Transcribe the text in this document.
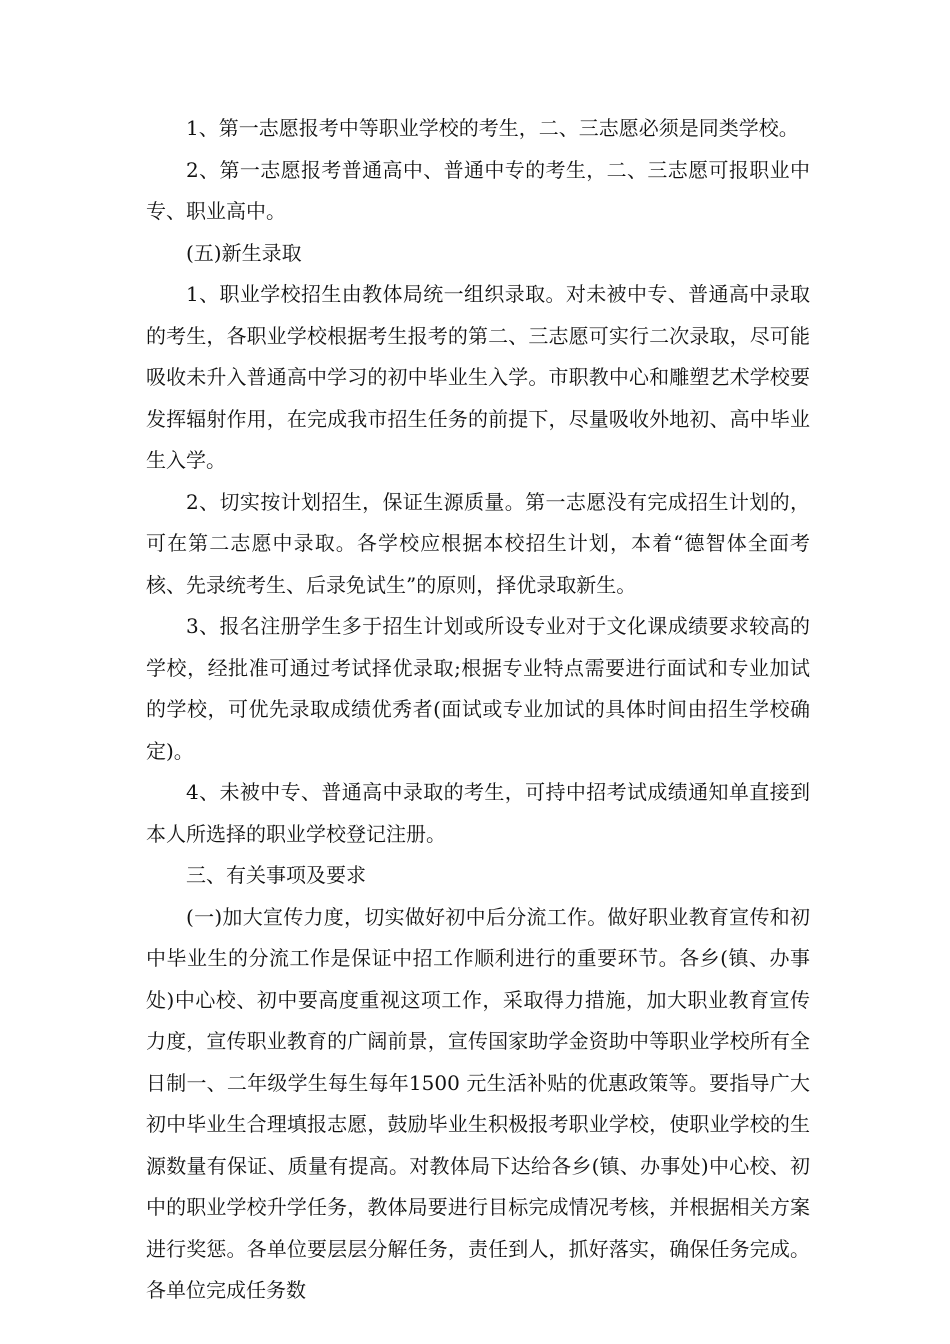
1、第一志愿报考中等职业学校的考生，二、三志愿必须是同类学校。

2、第一志愿报考普通高中、普通中专的考生，二、三志愿可报职业中专、职业高中。

(五)新生录取

1、职业学校招生由教体局统一组织录取。对未被中专、普通高中录取的考生，各职业学校根据考生报考的第二、三志愿可实行二次录取，尽可能吸收未升入普通高中学习的初中毕业生入学。市职教中心和雕塑艺术学校要发挥辐射作用，在完成我市招生任务的前提下，尽量吸收外地初、高中毕业生入学。

2、切实按计划招生，保证生源质量。第一志愿没有完成招生计划的，可在第二志愿中录取。各学校应根据本校招生计划，本着“德智体全面考核、先录统考生、后录免试生”的原则，择优录取新生。

3、报名注册学生多于招生计划或所设专业对于文化课成绩要求较高的学校，经批准可通过考试择优录取;根据专业特点需要进行面试和专业加试的学校，可优先录取成绩优秀者(面试或专业加试的具体时间由招生学校确定)。

4、未被中专、普通高中录取的考生，可持中招考试成绩通知单直接到本人所选择的职业学校登记注册。

三、有关事项及要求

(一)加大宣传力度，切实做好初中后分流工作。做好职业教育宣传和初中毕业生的分流工作是保证中招工作顺利进行的重要环节。各乡(镇、办事处)中心校、初中要高度重视这项工作，采取得力措施，加大职业教育宣传力度，宣传职业教育的广阔前景，宣传国家助学金资助中等职业学校所有全日制一、二年级学生每生每年1500 元生活补贴的优惠政策等。要指导广大初中毕业生合理填报志愿，鼓励毕业生积极报考职业学校，使职业学校的生源数量有保证、质量有提高。对教体局下达给各乡(镇、办事处)中心校、初中的职业学校升学任务，教体局要进行目标完成情况考核，并根据相关方案进行奖惩。各单位要层层分解任务，责任到人，抓好落实，确保任务完成。各单位完成任务数
